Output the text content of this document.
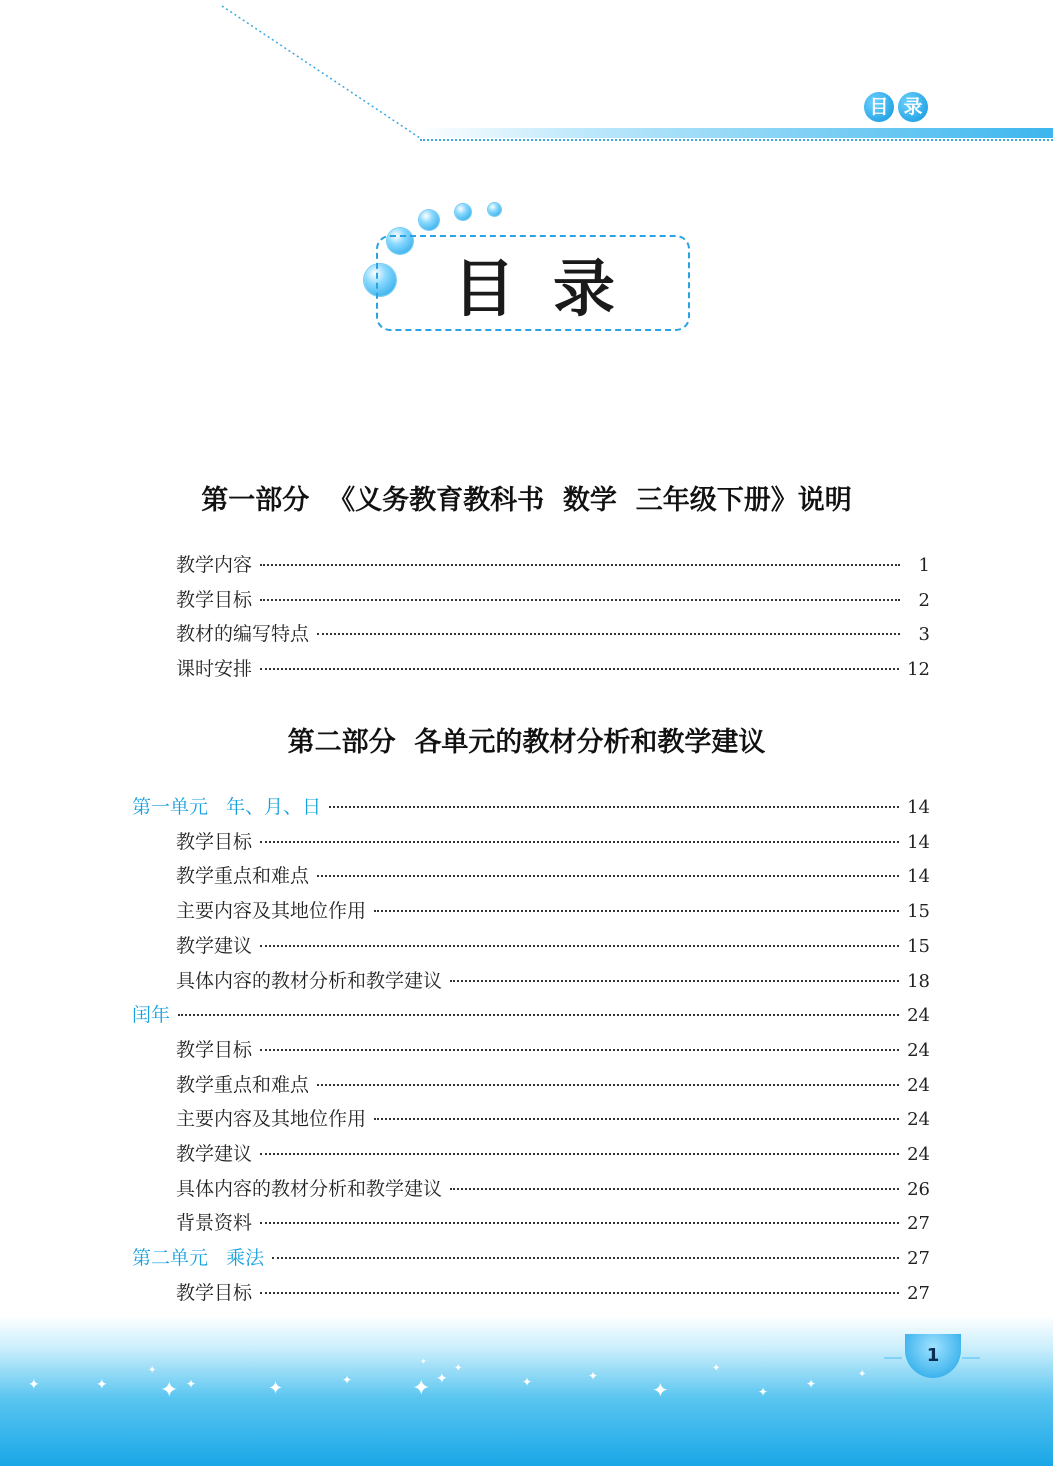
目 录
目录
第一部分  《义务教育教科书  数学  三年级下册》说明
教学内容	1
教学目标	2
教材的编写特点	3
课时安排	12
第二部分  各单元的教材分析和教学建议
第一单元   年、月、日	14
教学目标	14
教学重点和难点	14
主要内容及其地位作用	15
教学建议	15
具体内容的教材分析和教学建议	18
闰年	24
教学目标	24
教学重点和难点	24
主要内容及其地位作用	24
教学建议	24
具体内容的教材分析和教学建议	26
背景资料	27
第二单元   乘法	27
教学目标	27
✦	✦ ✦ ✦
✦
✦	✦	✦ ✦
✦
✦
✦	✦
✦
✦
✦
✦
✦
1
